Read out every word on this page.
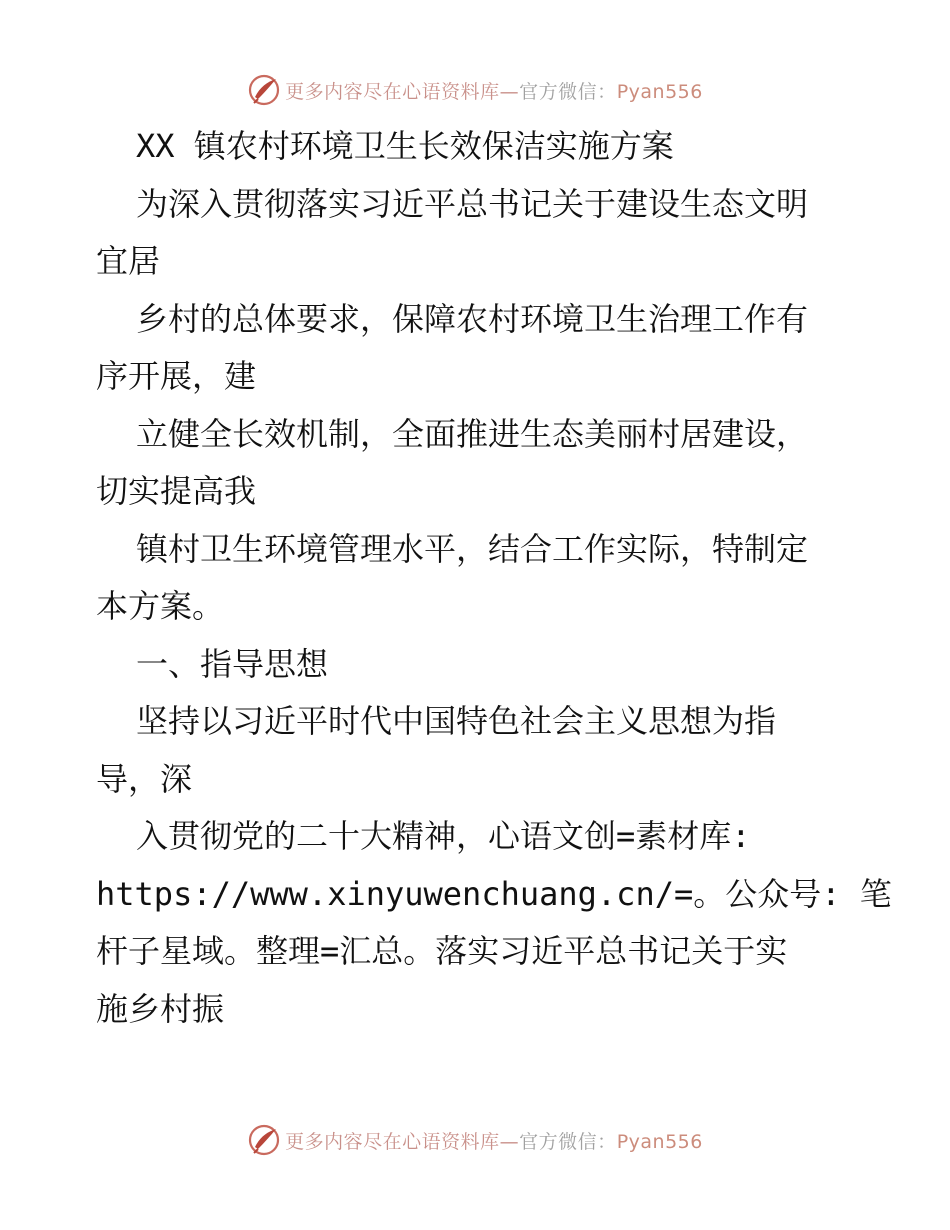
更多内容尽在心语资料库—官方微信：Pyan556
XX 镇农村环境卫生长效保洁实施方案
为深入贯彻落实习近平总书记关于建设生态文明
宜居
乡村的总体要求，保障农村环境卫生治理工作有
序开展，建
立健全长效机制，全面推进生态美丽村居建设，
切实提高我
镇村卫生环境管理水平，结合工作实际，特制定
本方案。
一、指导思想
坚持以习近平时代中国特色社会主义思想为指
导，深
入贯彻党的二十大精神，心语文创=素材库:
https://www.xinyuwenchuang.cn/=。公众号: 笔
杆子星域。整理=汇总。落实习近平总书记关于实
施乡村振
更多内容尽在心语资料库—官方微信：Pyan556
